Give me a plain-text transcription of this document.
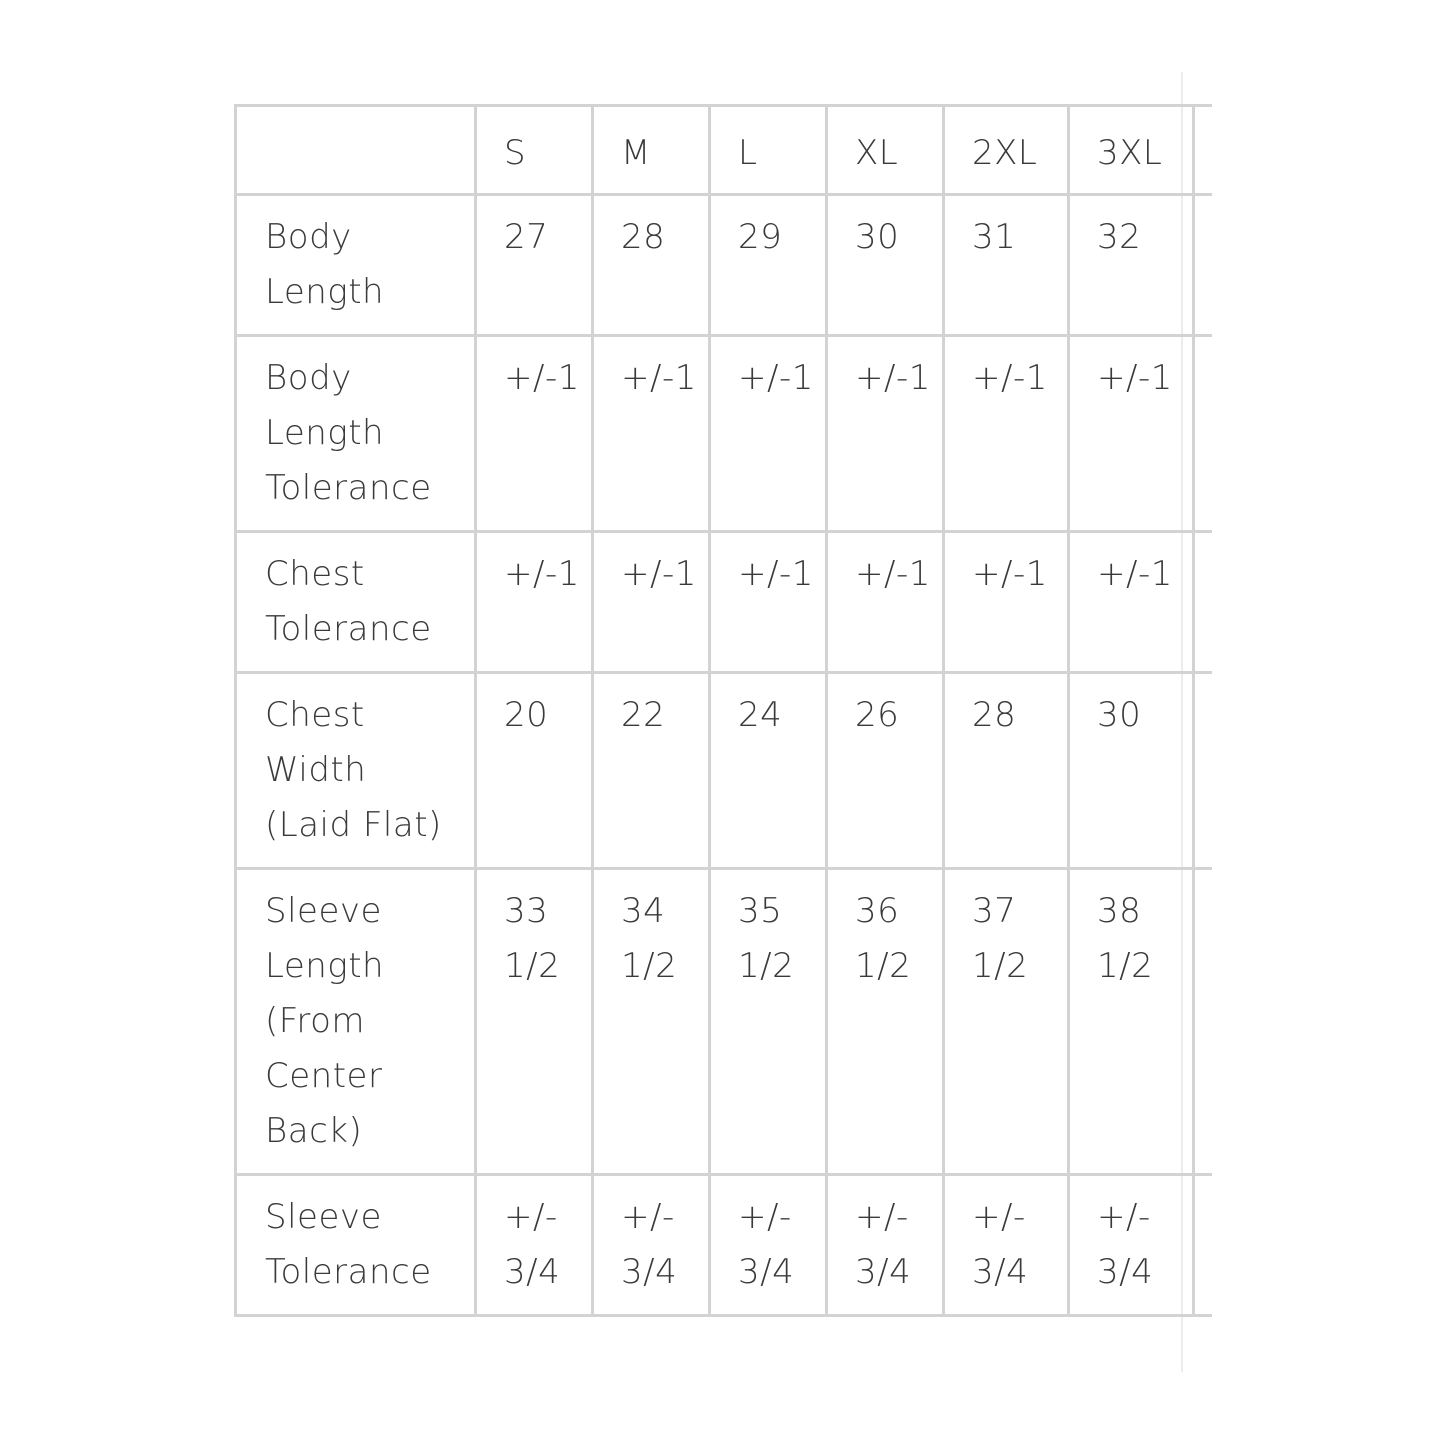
	S	M	L	XL	2XL	3XL	
Body Length	27	28	29	30	31	32	
Body Length Tolerance	+/-1	+/-1	+/-1	+/-1	+/-1	+/-1	
Chest Tolerance	+/-1	+/-1	+/-1	+/-1	+/-1	+/-1	
Chest Width (Laid Flat)	20	22	24	26	28	30	
Sleeve Length (From Center Back)	33 1/2	34 1/2	35 1/2	36 1/2	37 1/2	38 1/2	
Sleeve Tolerance	+/- 3/4	+/- 3/4	+/- 3/4	+/- 3/4	+/- 3/4	+/- 3/4	
